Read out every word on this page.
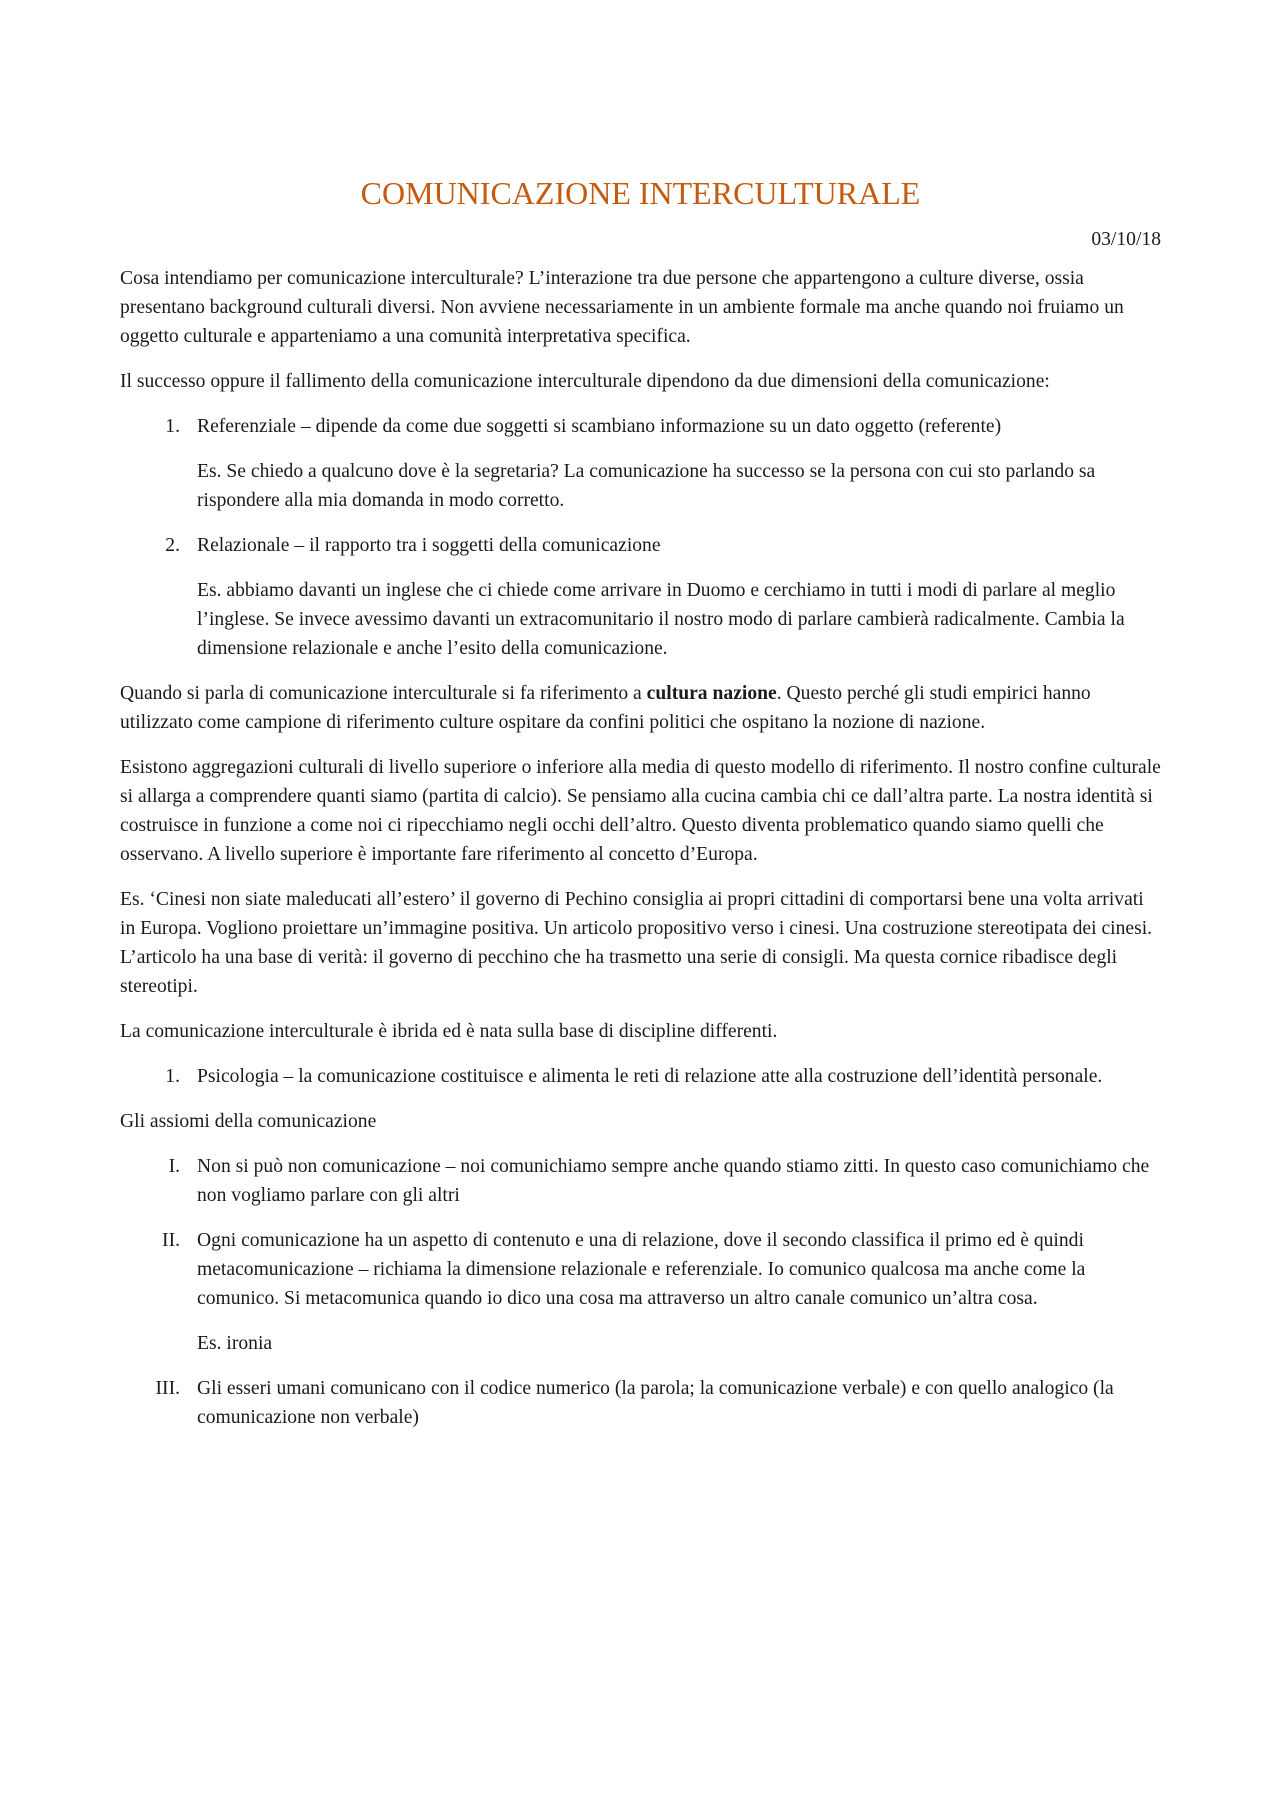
COMUNICAZIONE INTERCULTURALE

03/10/18

Cosa intendiamo per comunicazione interculturale? L’interazione tra due persone che appartengono a culture diverse, ossia presentano background culturali diversi. Non avviene necessariamente in un ambiente formale ma anche quando noi fruiamo un oggetto culturale e apparteniamo a una comunità interpretativa specifica.

Il successo oppure il fallimento della comunicazione interculturale dipendono da due dimensioni della comunicazione:

1. Referenziale – dipende da come due soggetti si scambiano informazione su un dato oggetto (referente)

Es. Se chiedo a qualcuno dove è la segretaria? La comunicazione ha successo se la persona con cui sto parlando sa rispondere alla mia domanda in modo corretto.

2. Relazionale – il rapporto tra i soggetti della comunicazione

Es. abbiamo davanti un inglese che ci chiede come arrivare in Duomo e cerchiamo in tutti i modi di parlare al meglio l’inglese. Se invece avessimo davanti un extracomunitario il nostro modo di parlare cambierà radicalmente. Cambia la dimensione relazionale e anche l’esito della comunicazione.

Quando si parla di comunicazione interculturale si fa riferimento a cultura nazione. Questo perché gli studi empirici hanno utilizzato come campione di riferimento culture ospitare da confini politici che ospitano la nozione di nazione.

Esistono aggregazioni culturali di livello superiore o inferiore alla media di questo modello di riferimento. Il nostro confine culturale si allarga a comprendere quanti siamo (partita di calcio). Se pensiamo alla cucina cambia chi ce dall’altra parte. La nostra identità si costruisce in funzione a come noi ci ripecchiamo negli occhi dell’altro. Questo diventa problematico quando siamo quelli che osservano. A livello superiore è importante fare riferimento al concetto d’Europa.

Es. ‘Cinesi non siate maleducati all’estero’ il governo di Pechino consiglia ai propri cittadini di comportarsi bene una volta arrivati in Europa. Vogliono proiettare un’immagine positiva. Un articolo propositivo verso i cinesi. Una costruzione stereotipata dei cinesi. L’articolo ha una base di verità: il governo di pecchino che ha trasmetto una serie di consigli. Ma questa cornice ribadisce degli stereotipi.

La comunicazione interculturale è ibrida ed è nata sulla base di discipline differenti.

1. Psicologia – la comunicazione costituisce e alimenta le reti di relazione atte alla costruzione dell’identità personale.

Gli assiomi della comunicazione

I. Non si può non comunicazione – noi comunichiamo sempre anche quando stiamo zitti. In questo caso comunichiamo che non vogliamo parlare con gli altri
II. Ogni comunicazione ha un aspetto di contenuto e una di relazione, dove il secondo classifica il primo ed è quindi metacomunicazione – richiama la dimensione relazionale e referenziale. Io comunico qualcosa ma anche come la comunico. Si metacomunica quando io dico una cosa ma attraverso un altro canale comunico un’altra cosa.

Es. ironia

III. Gli esseri umani comunicano con il codice numerico (la parola; la comunicazione verbale) e con quello analogico (la comunicazione non verbale)
